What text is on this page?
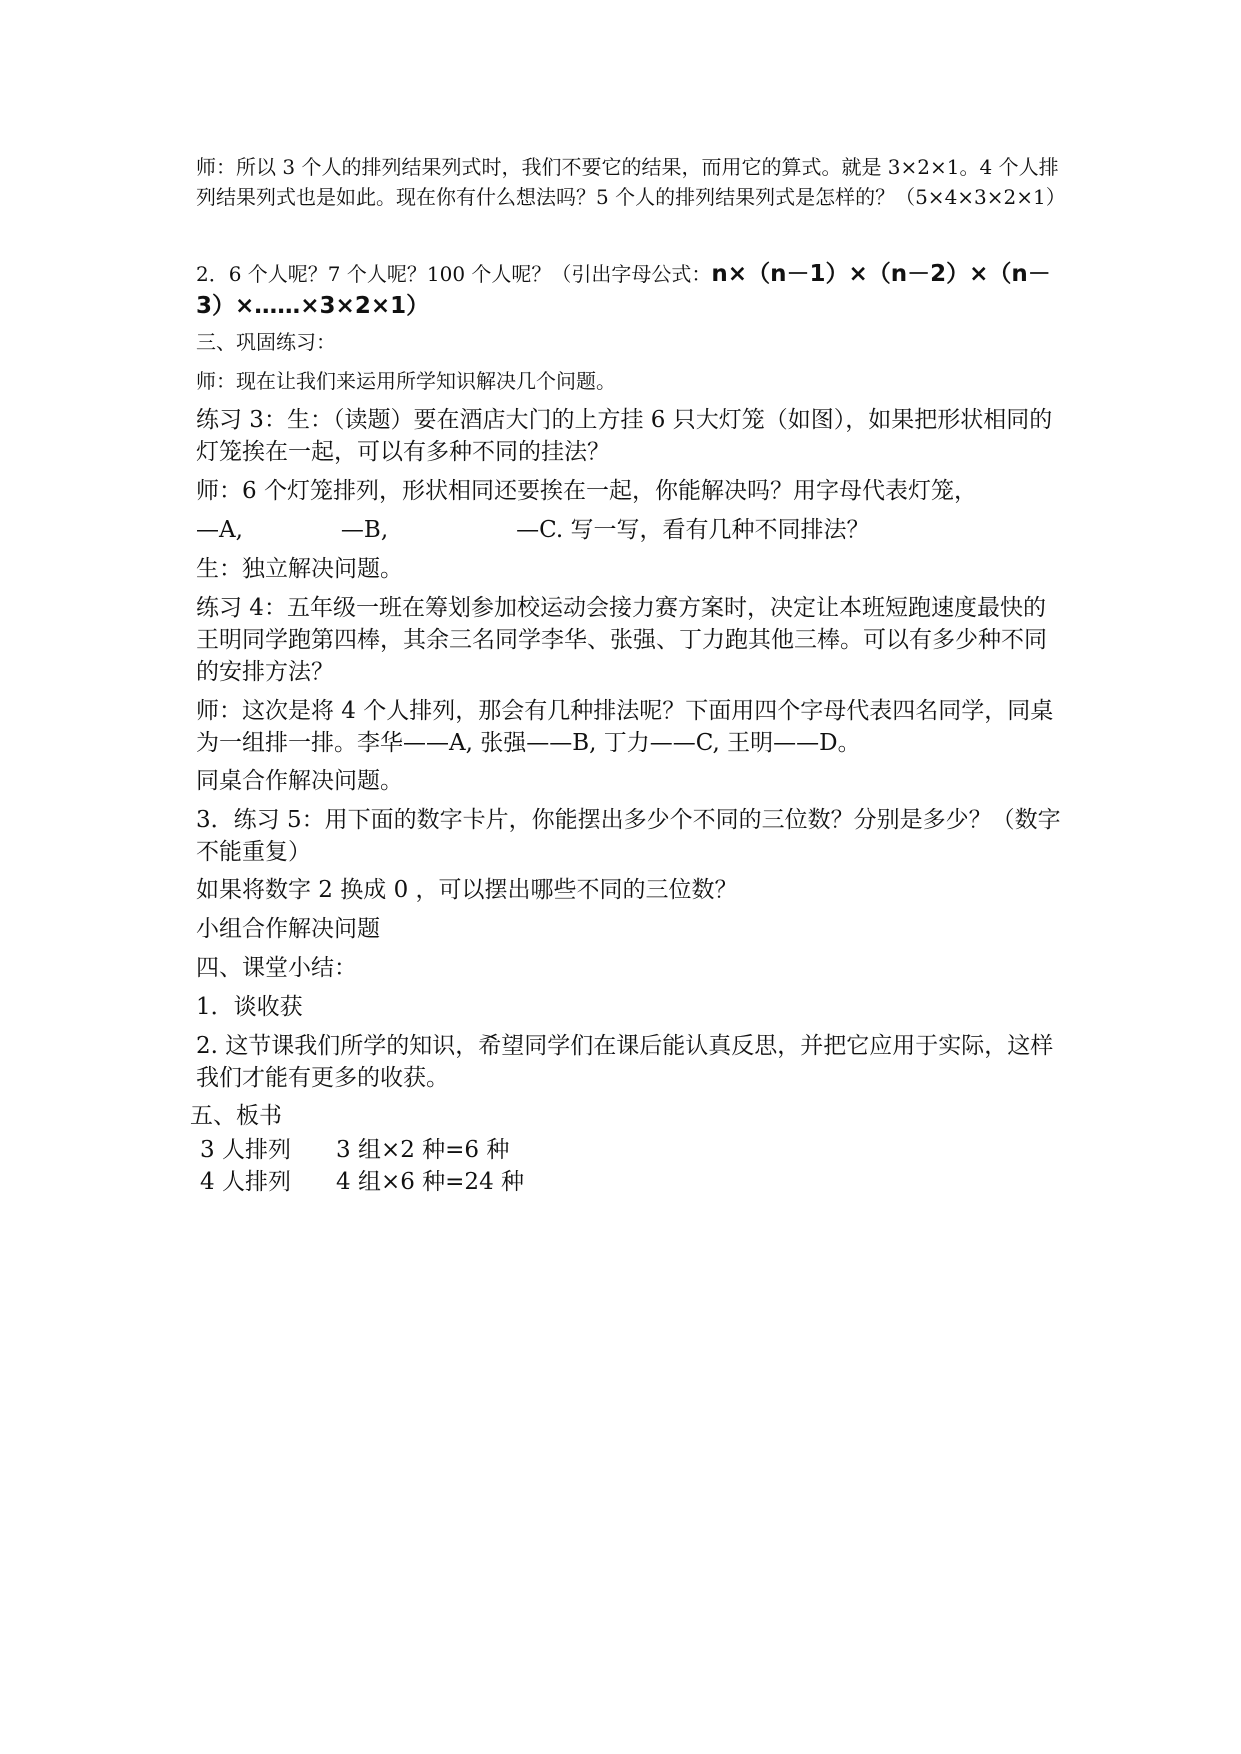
师：所以 3 个人的排列结果列式时，我们不要它的结果，而用它的算式。就是 3×2×1。4 个人排列结果列式也是如此。现在你有什么想法吗？5 个人的排列结果列式是怎样的？（5×4×3×2×1）
2．6 个人呢？7 个人呢？100 个人呢？（引出字母公式：n×（n－1）×（n－2）×（n－3）×……×3×2×1）
三、巩固练习：
师：现在让我们来运用所学知识解决几个问题。
练习 3：生：（读题）要在酒店大门的上方挂 6 只大灯笼（如图），如果把形状相同的灯笼挨在一起，可以有多种不同的挂法？
师：6 个灯笼排列，形状相同还要挨在一起，你能解决吗？用字母代表灯笼，
—A,	—B,	—C. 写一写，看有几种不同排法？
生：独立解决问题。
练习 4：五年级一班在筹划参加校运动会接力赛方案时，决定让本班短跑速度最快的王明同学跑第四棒，其余三名同学李华、张强、丁力跑其他三棒。可以有多少种不同的安排方法？
师：这次是将 4 个人排列，那会有几种排法呢？下面用四个字母代表四名同学，同桌为一组排一排。李华——A, 张强——B, 丁力——C, 王明——D。
同桌合作解决问题。
3．练习 5：用下面的数字卡片，你能摆出多少个不同的三位数？分别是多少？（数字不能重复）
如果将数字 2 换成 0 ，可以摆出哪些不同的三位数？
小组合作解决问题
四、课堂小结：
1．谈收获
2. 这节课我们所学的知识，希望同学们在课后能认真反思，并把它应用于实际，这样我们才能有更多的收获。
五、板书
3 人排列 3 组×2 种=6 种
4 人排列 4 组×6 种=24 种
